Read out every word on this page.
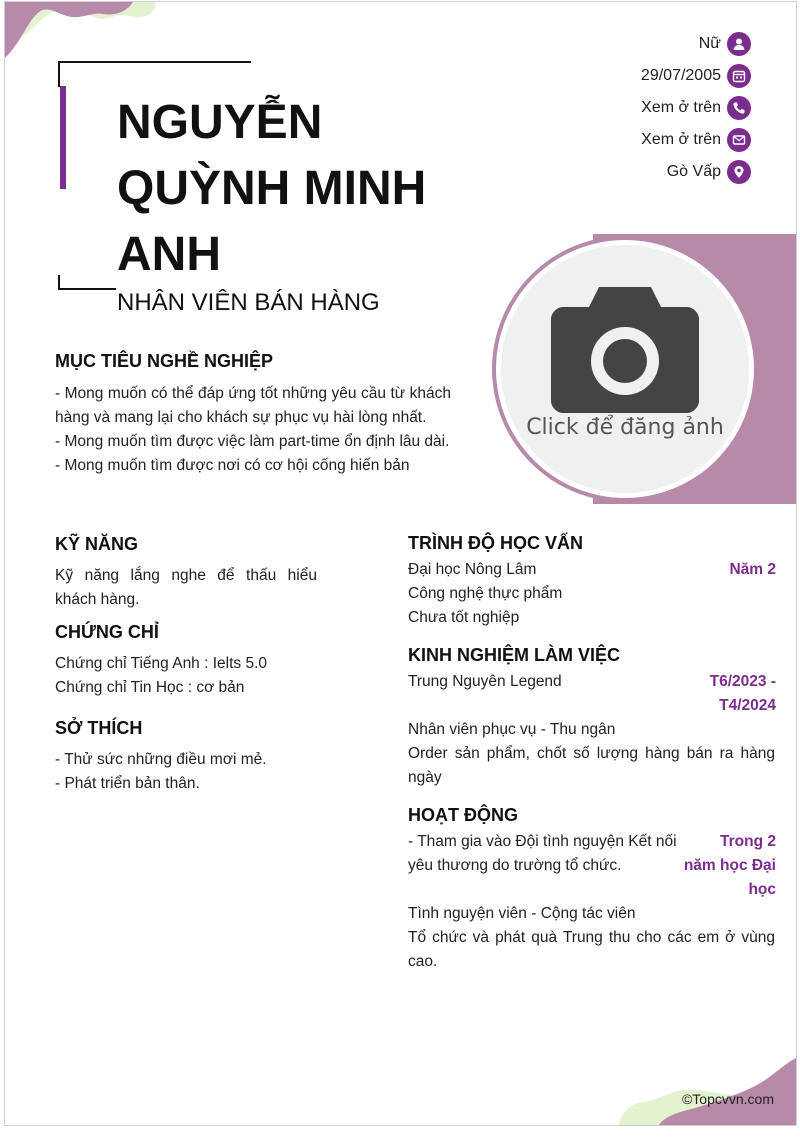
NGUYỄN QUỲNH MINH ANH
NHÂN VIÊN BÁN HÀNG
Nữ
29/07/2005
Xem ở trên
Xem ở trên
Gò Vấp
Click để đăng ảnh
MỤC TIÊU NGHỀ NGHIỆP

- Mong muốn có thể đáp ứng tốt những yêu cầu từ khách hàng và mang lại cho khách sự phục vụ hài lòng nhất.

- Mong muốn tìm được việc làm part-time ổn định lâu dài.

- Mong muốn tìm được nơi có cơ hội cống hiến bản

KỸ NĂNG

Kỹ năng lắng nghe để thấu hiểu khách hàng.

CHỨNG CHỈ

Chứng chỉ Tiếng Anh : Ielts 5.0

Chứng chỉ Tin Học : cơ bản

SỞ THÍCH

- Thử sức những điều mơi mẻ.

- Phát triển bản thân.

TRÌNH ĐỘ HỌC VẤN
Đại học Nông Lâm	Năm 2
Công nghệ thực phẩm
Chưa tốt nghiệp
KINH NGHIỆM LÀM VIỆC
Trung Nguyên Legend	T6/2023 -
T4/2024
Nhân viên phục vụ - Thu ngân

Order sản phẩm, chốt số lượng hàng bán ra hàng ngày

HOẠT ĐỘNG

- Tham gia vào Đội tình nguyện Kết nối yêu thương do trường tổ chức.

Trong 2
năm học Đại
học
Tình nguyện viên - Cộng tác viên

Tổ chức và phát quà Trung thu cho các em ở vùng cao.

©Topcvvn.com
